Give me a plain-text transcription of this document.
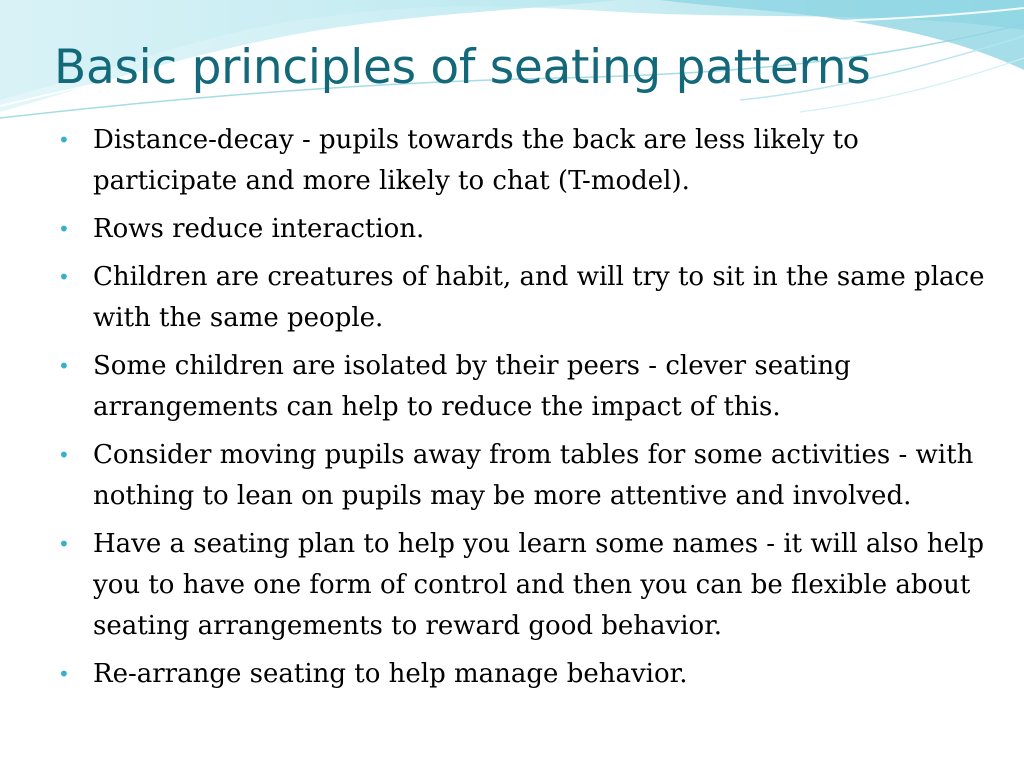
Basic principles of seating patterns
• Distance-decay - pupils towards the back are less likely to participate and more likely to chat (T-model).
• Rows reduce interaction.
• Children are creatures of habit, and will try to sit in the same place with the same people.
• Some children are isolated by their peers - clever seating arrangements can help to reduce the impact of this.
• Consider moving pupils away from tables for some activities - with nothing to lean on pupils may be more attentive and involved.
• Have a seating plan to help you learn some names - it will also help you to have one form of control and then you can be flexible about seating arrangements to reward good behavior.
• Re-arrange seating to help manage behavior.
